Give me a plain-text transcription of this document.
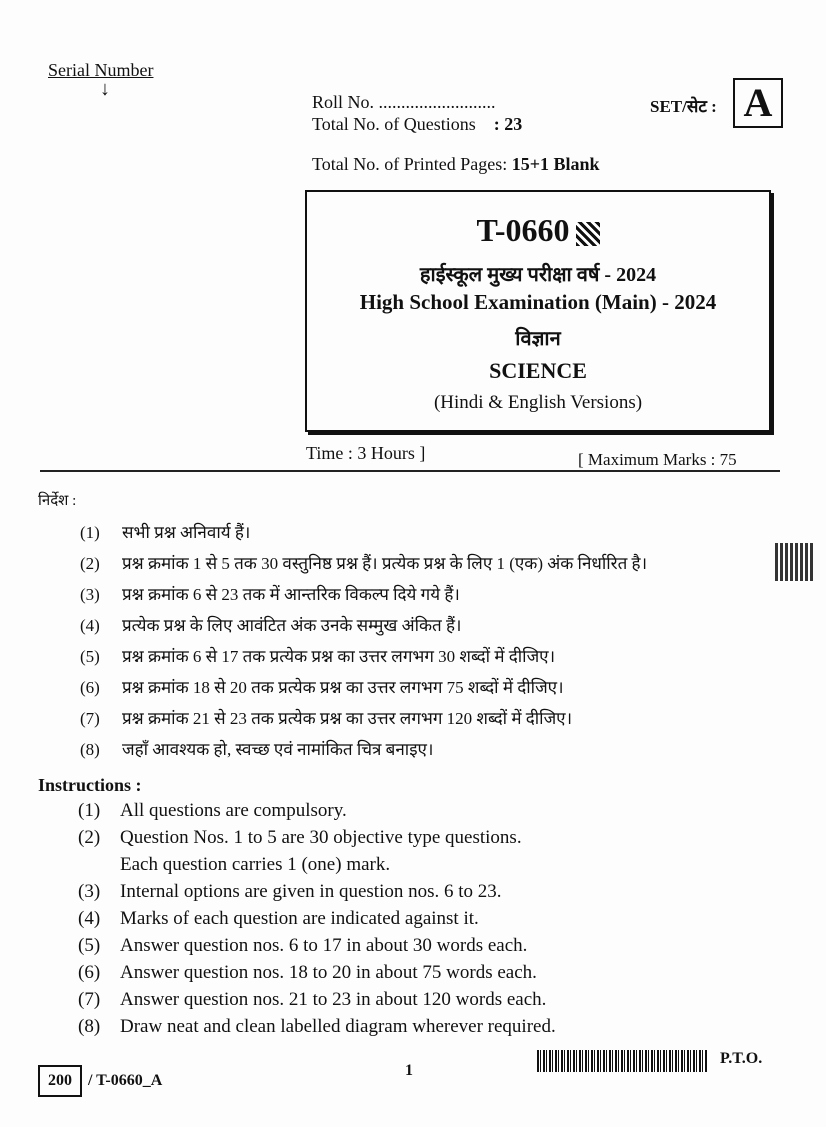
Serial Number
↓
Roll No. ..........................
Total No. of Questions : 23
Total No. of Printed Pages: 15+1 Blank
SET/सेट : A
T-0660
हाईस्कूल मुख्य परीक्षा वर्ष - 2024
High School Examination (Main) - 2024
विज्ञान
SCIENCE
(Hindi & English Versions)
Time : 3 Hours ]	[ Maximum Marks : 75
निर्देश :
(1) सभी प्रश्न अनिवार्य हैं।
(2) प्रश्न क्रमांक 1 से 5 तक 30 वस्तुनिष्ठ प्रश्न हैं। प्रत्येक प्रश्न के लिए 1 (एक) अंक निर्धारित है।
(3) प्रश्न क्रमांक 6 से 23 तक में आन्तरिक विकल्प दिये गये हैं।
(4) प्रत्येक प्रश्न के लिए आवंटित अंक उनके सम्मुख अंकित हैं।
(5) प्रश्न क्रमांक 6 से 17 तक प्रत्येक प्रश्न का उत्तर लगभग 30 शब्दों में दीजिए।
(6) प्रश्न क्रमांक 18 से 20 तक प्रत्येक प्रश्न का उत्तर लगभग 75 शब्दों में दीजिए।
(7) प्रश्न क्रमांक 21 से 23 तक प्रत्येक प्रश्न का उत्तर लगभग 120 शब्दों में दीजिए।
(8) जहाँ आवश्यक हो, स्वच्छ एवं नामांकित चित्र बनाइए।
Instructions :
(1) All questions are compulsory.
(2) Question Nos. 1 to 5 are 30 objective type questions.
Each question carries 1 (one) mark.
(3) Internal options are given in question nos. 6 to 23.
(4) Marks of each question are indicated against it.
(5) Answer question nos. 6 to 17 in about 30 words each.
(6) Answer question nos. 18 to 20 in about 75 words each.
(7) Answer question nos. 21 to 23 in about 120 words each.
(8) Draw neat and clean labelled diagram wherever required.
200	/ T-0660_A
1
P.T.O.
